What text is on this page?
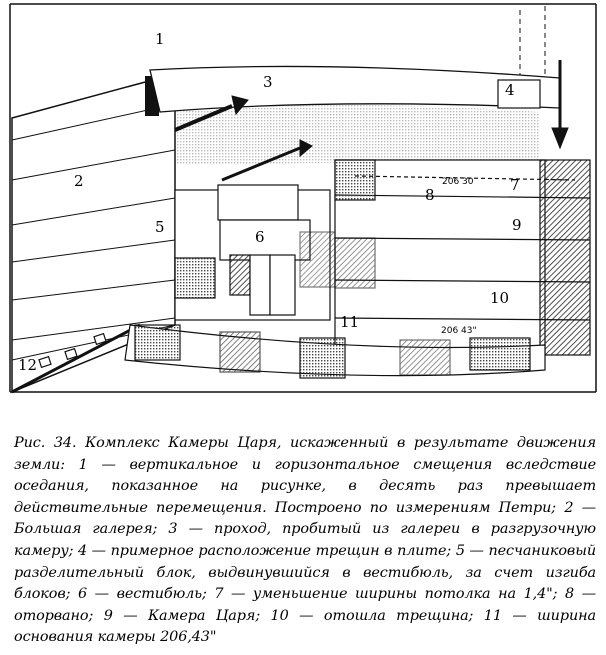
1
2
3	4
5
6
7
8
9
10
11
12
206 30
206 43"
Рис. 34. Комплекс Камеры Царя, искаженный в результате движения земли: 1 — вертикальное и горизонтальное смещения вследствие оседания, показанное на рисунке, в десять раз превышает действительные перемещения. Построено по измерениям Петри; 2 — Большая галерея; 3 — проход, пробитый из галереи в разгрузочную камеру; 4 — примерное расположение трещин в плите; 5 — песчаниковый разделительный блок, выдвинувшийся в вестибюль, за счет изгиба блоков; 6 — вестибюль; 7 — уменьшение ширины потолка на 1,4"; 8 — оторвано; 9 — Камера Царя; 10 — отошла трещина; 11 — ширина основания камеры 206,43"
